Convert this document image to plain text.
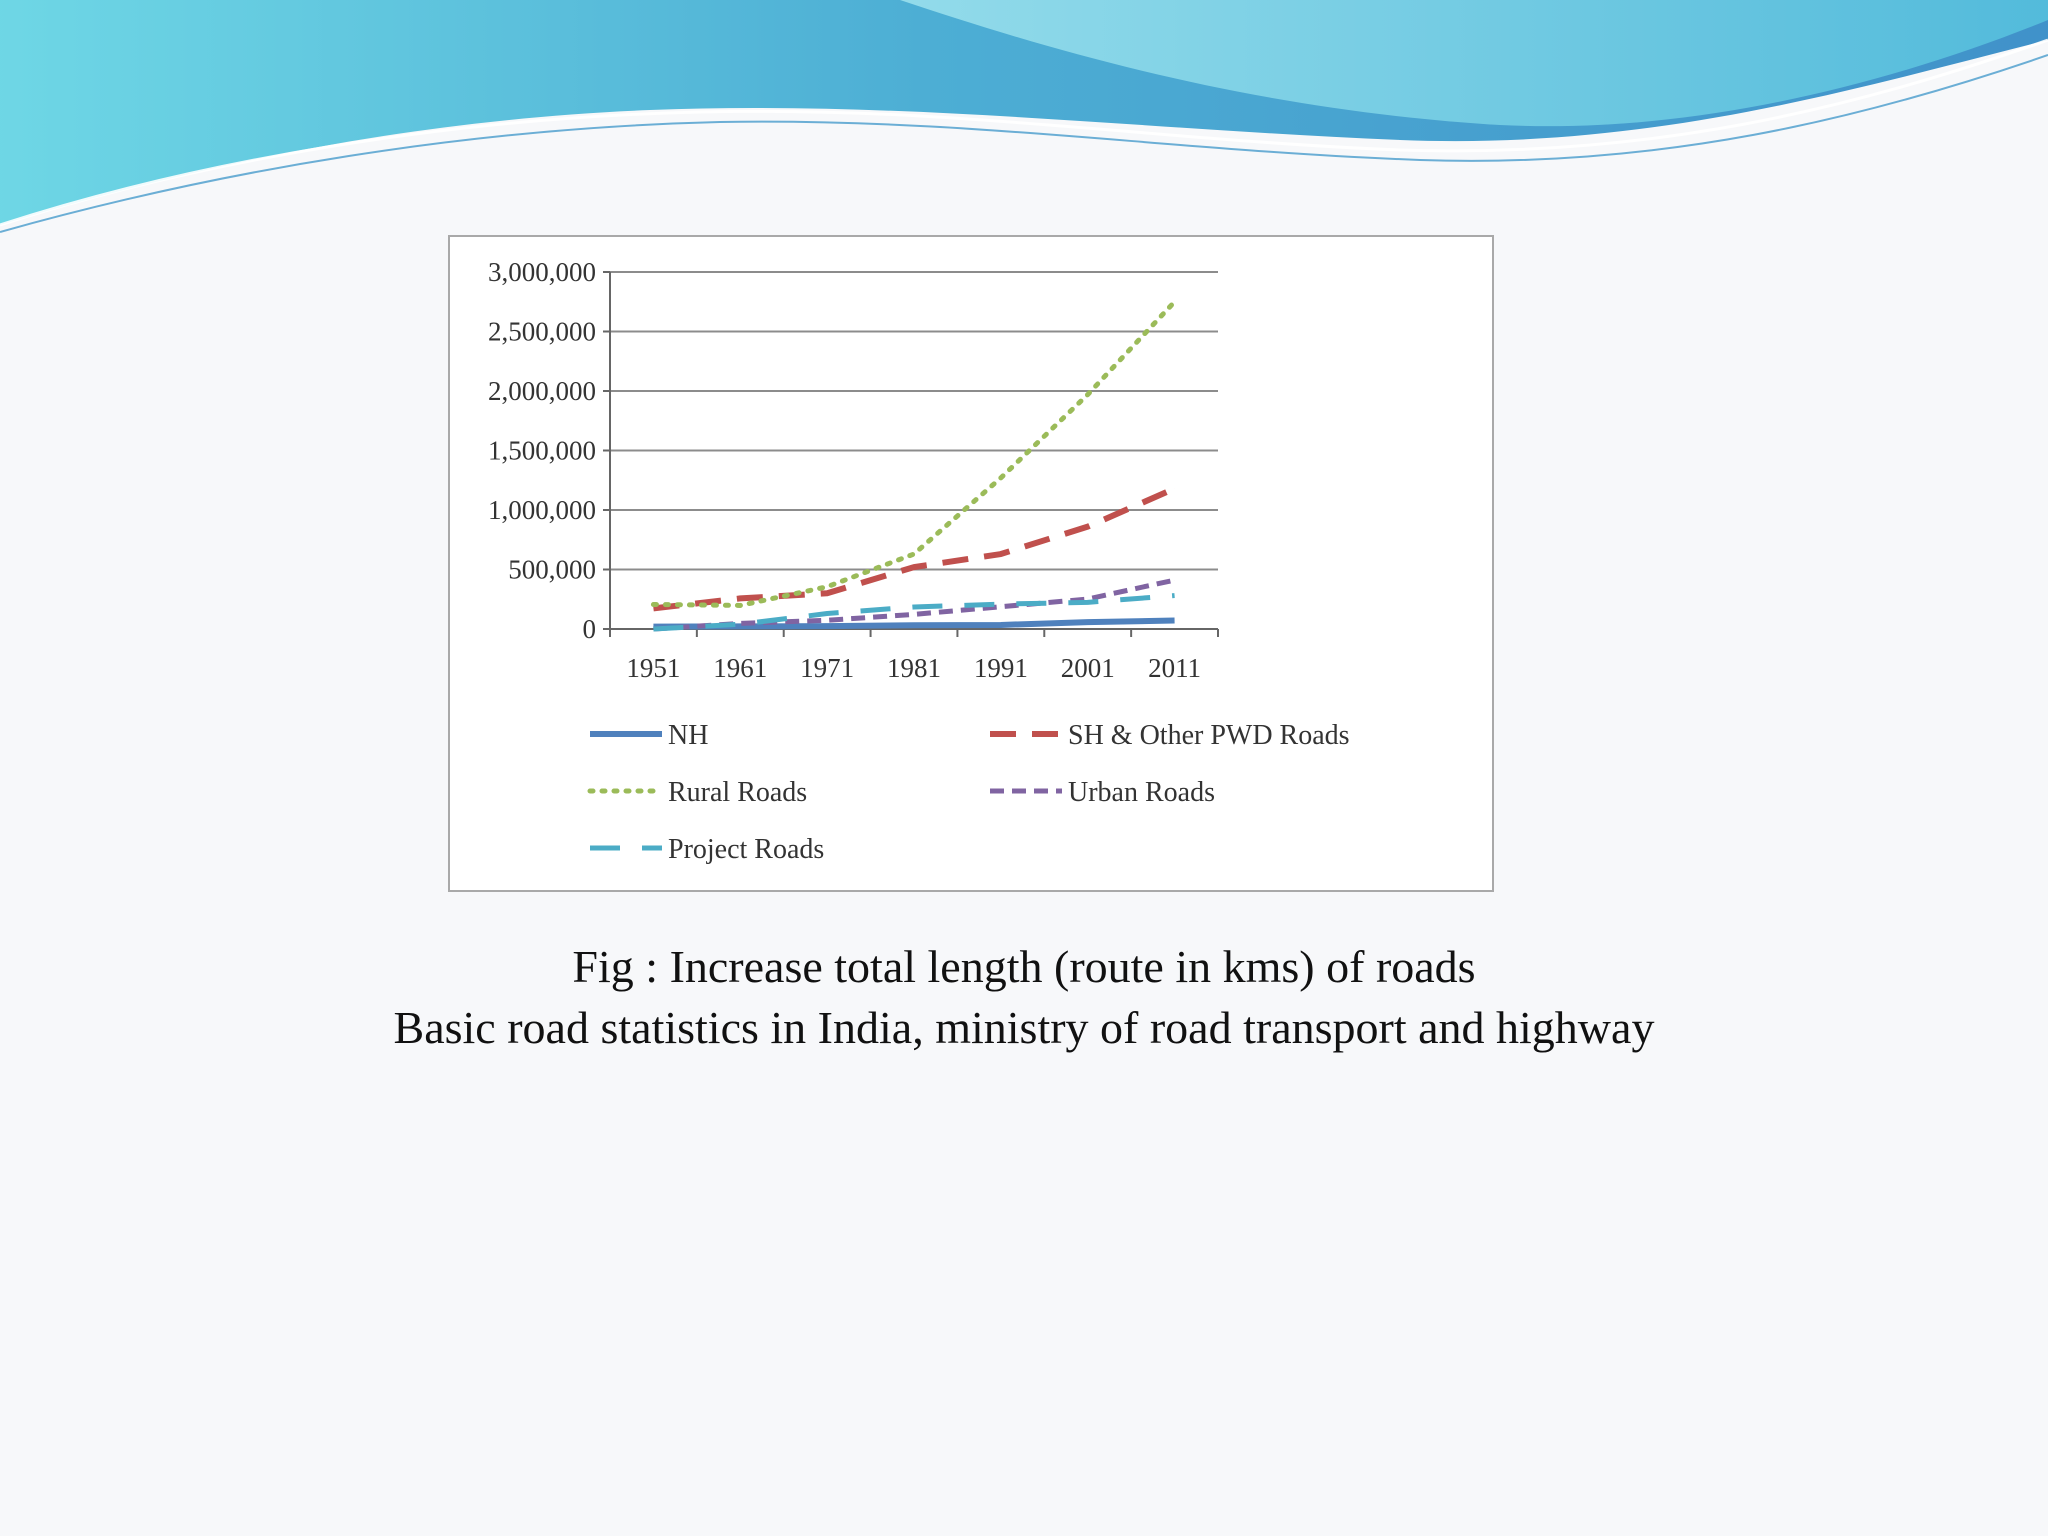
0
500,000
1,000,000
1,500,000
2,000,000
2,500,000
3,000,000
1951 1961 1971 1981 1991 2001 2011
NH	SH & Other PWD Roads
Rural Roads	Urban Roads
Project Roads
Fig : Increase total length (route in kms) of roads
Basic road statistics in India, ministry of road transport and highway
